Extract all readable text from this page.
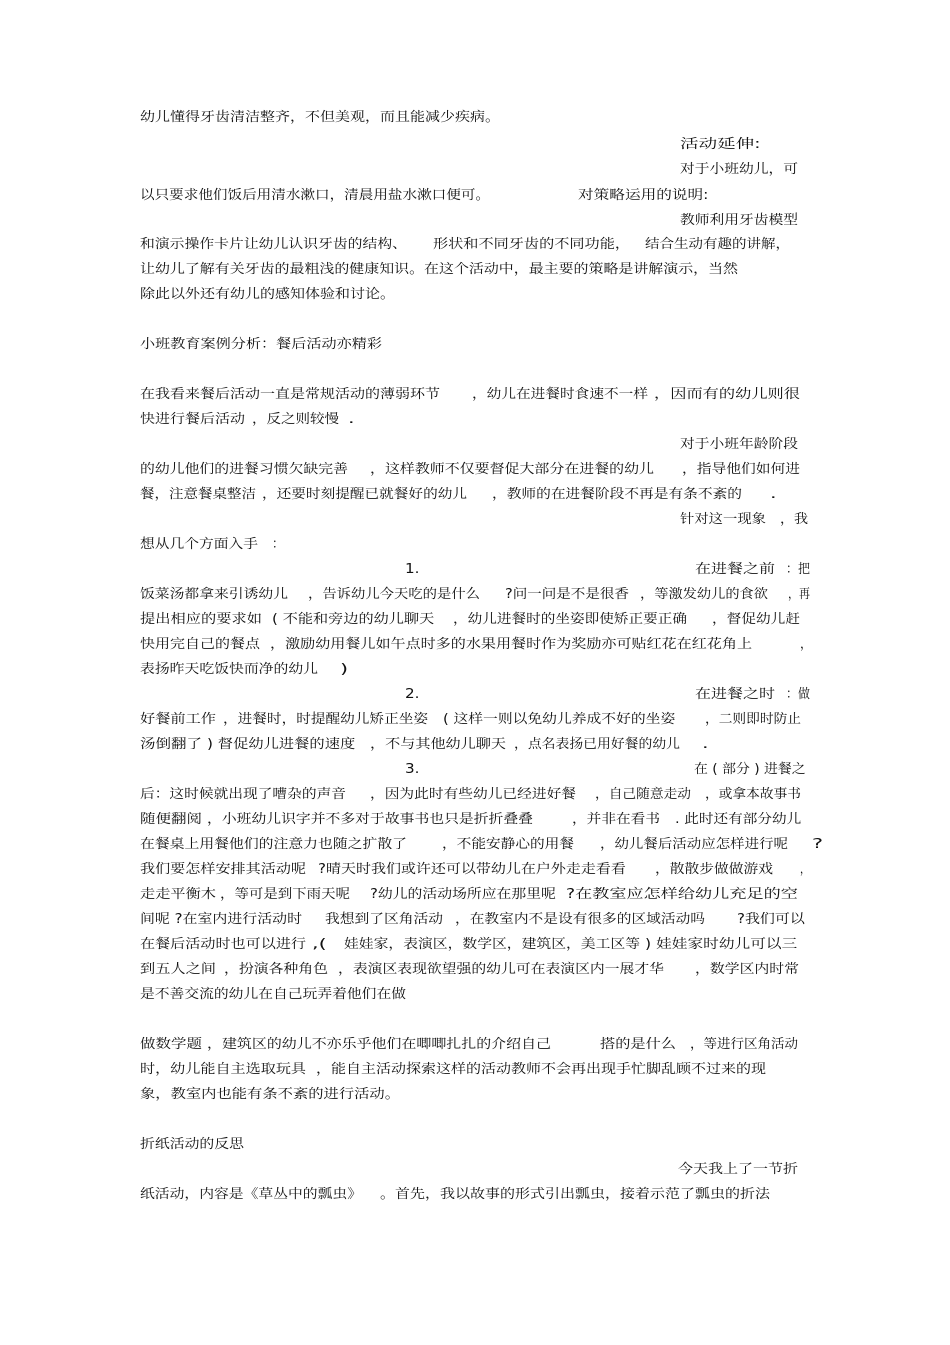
幼儿懂得牙齿清洁整齐，不但美观，而且能减少疾病。
活动延伸:
对于小班幼儿，可
以只要求他们饭后用清水漱口，清晨用盐水漱口便可。	对策略运用的说明:
教师利用牙齿模型
和演示操作卡片让幼儿认识牙齿的结构、 形状和不同牙齿的不同功能， 结合生动有趣的讲解，
让幼儿了解有关牙齿的最粗浅的健康知识。在这个活动中，最主要的策略是讲解演示，当然
除此以外还有幼儿的感知体验和讨论。
小班教育案例分析：餐后活动亦精彩
在我看来餐后活动一直是常规活动的薄弱环节 ，幼儿在进餐时食速不一样 ，因而有的幼儿则很
快进行餐后活动 ，反之则较慢 .
对于小班年龄阶段
的幼儿他们的进餐习惯欠缺完善 ，这样教师不仅要督促大部分在进餐的幼儿 ，指导他们如何进
餐，注意餐桌整洁 ，还要时刻提醒已就餐好的幼儿 ，教师的在进餐阶段不再是有条不紊的 .
针对这一现象 ，我
想从几个方面入手 ：
1.	在进餐之前 ：把
饭菜汤都拿来引诱幼儿 ，告诉幼儿今天吃的是什么 ?问一问是不是很香 ，等激发幼儿的食欲 ，再
提出相应的要求如 ( 不能和旁边的幼儿聊天 ，幼儿进餐时的坐姿即使矫正要正确 ，督促幼儿赶
快用完自己的餐点 ，激励幼用餐儿如午点时多的水果用餐时作为奖励亦可贴红花在红花角上	，
表扬昨天吃饭快而净的幼儿 )
2.	在进餐之时 ：做
好餐前工作 ，进餐时，时提醒幼儿矫正坐姿 ( 这样一则以免幼儿养成不好的坐姿 ，二则即时防止
汤倒翻了 ) 督促幼儿进餐的速度 ，不与其他幼儿聊天 ，点名表扬已用好餐的幼儿 .
3.	在 ( 部分 ) 进餐之
后：这时候就出现了嘈杂的声音 ，因为此时有些幼儿已经进好餐 ，自己随意走动 ，或拿本故事书
随便翻阅 ，小班幼儿识字并不多对于故事书也只是折折叠叠	，并非在看书 . 此时还有部分幼儿
在餐桌上用餐他们的注意力也随之扩散了	，不能安静心的用餐 ，幼儿餐后活动应怎样进行呢 ?
我们要怎样安排其活动呢 ?晴天时我们或许还可以带幼儿在户外走走看看 ，散散步做做游戏 ，
走走平衡木 ，等可是到下雨天呢 ?幼儿的活动场所应在那里呢 ?在教室应怎样给幼儿充足的空
间呢 ?在室内进行活动时 我想到了区角活动 ，在教室内不是设有很多的区域活动吗 ?我们可以
在餐后活动时也可以进行 ,( 娃娃家，表演区，数学区，建筑区，美工区等 ) 娃娃家时幼儿可以三
到五人之间 ，扮演各种角色 ，表演区表现欲望强的幼儿可在表演区内一展才华 ，数学区内时常
是不善交流的幼儿在自己玩弄着他们在做
做数学题 ，建筑区的幼儿不亦乐乎他们在唧唧扎扎的介绍自己	搭的是什么 ，等进行区角活动
时，幼儿能自主选取玩具 ，能自主活动探索这样的活动教师不会再出现手忙脚乱顾不过来的现
象，教室内也能有条不紊的进行活动。
折纸活动的反思
今天我上了一节折
纸活动，内容是《草丛中的瓢虫》 。首先，我以故事的形式引出瓢虫，接着示范了瓢虫的折法
